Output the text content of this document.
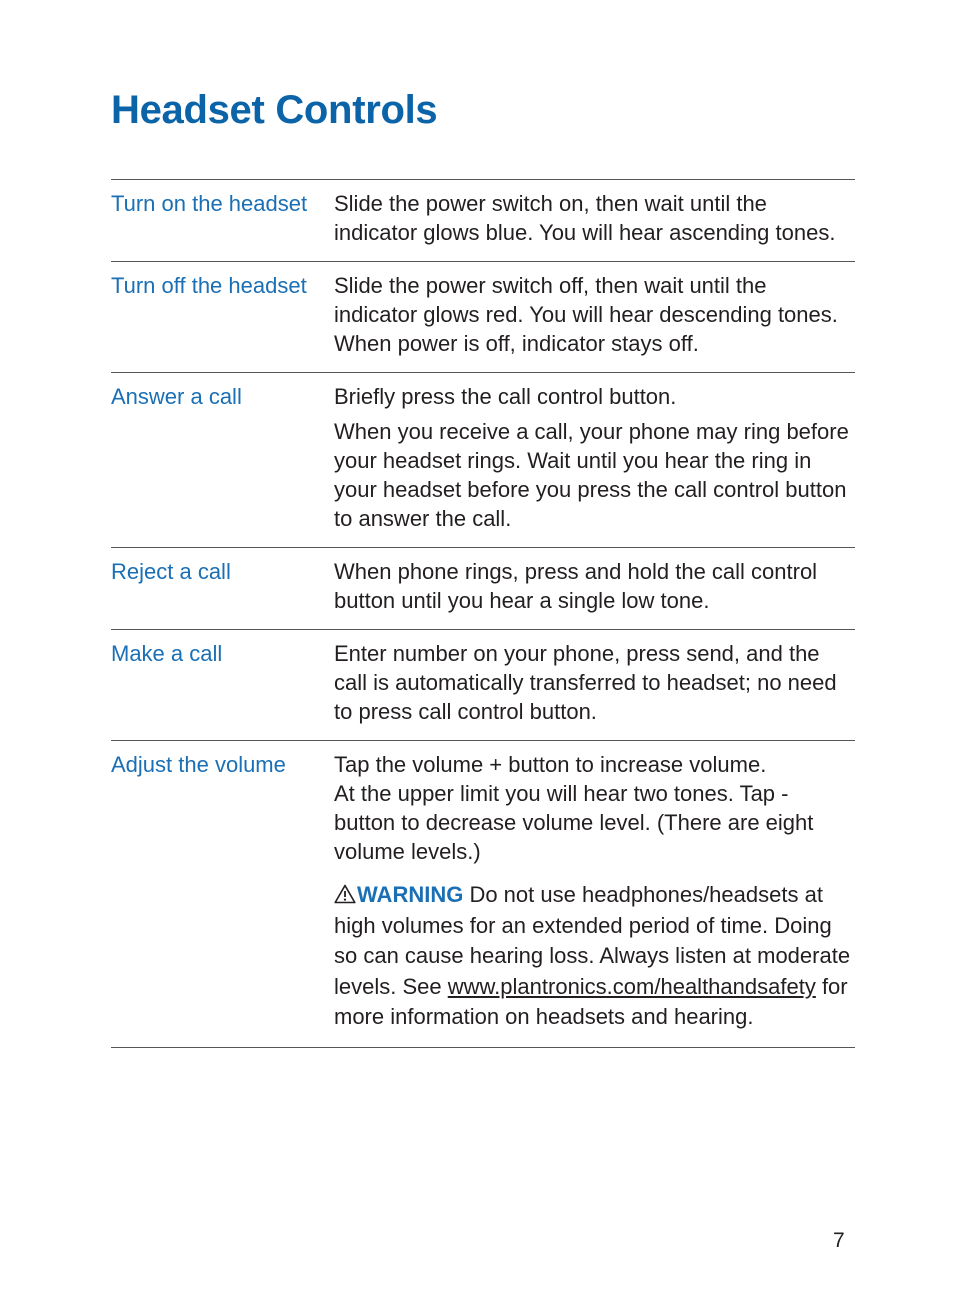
Headset Controls
Turn on the headset	Slide the power switch on, then wait until the indicator glows blue. You will hear ascending tones.

Turn off the headset	Slide the power switch off, then wait until the indicator glows red. You will hear descending tones. When power is off, indicator stays off.

Answer a call	Briefly press the call control button.

When you receive a call, your phone may ring before your headset rings. Wait until you hear the ring in your headset before you press the call control button to answer the call.

Reject a call	When phone rings, press and hold the call control button until you hear a single low tone.

Make a call	Enter number on your phone, press send, and the call is automatically transferred to headset; no need to press call control button.

Adjust the volume	Tap the volume + button to increase volume.
At the upper limit you will hear two tones. Tap - button to decrease volume level. (There are eight volume levels.)

WARNING Do not use headphones/headsets at high volumes for an extended period of time. Doing so can cause hearing loss. Always listen at moderate levels. See www.plantronics.com/healthandsafety for more information on headsets and hearing.

7
